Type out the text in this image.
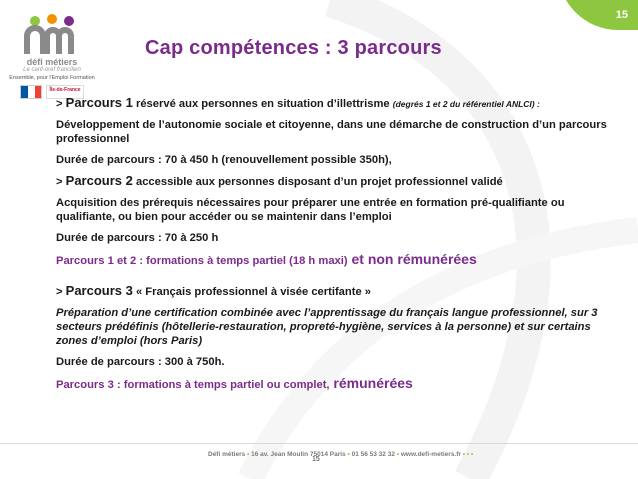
15
défi métiers
Le carif-oref francilien
Ensemble, pour l'Emploi Formation
Île-de-France
Cap compétences : 3 parcours

> Parcours 1 réservé aux personnes en situation d’illettrisme (degrés 1 et 2 du référentiel ANLCI) :

Développement de l’autonomie sociale et citoyenne, dans une démarche de construction d’un parcours professionnel

Durée de parcours : 70 à 450 h (renouvellement possible 350h),

> Parcours 2 accessible aux personnes disposant d’un projet professionnel validé

Acquisition des prérequis nécessaires pour préparer une entrée en formation pré-qualifiante ou qualifiante, ou bien pour accéder ou se maintenir dans l’emploi

Durée de parcours : 70 à 250 h

Parcours 1 et 2 : formations à temps partiel (18 h maxi) et non rémunérées

> Parcours 3 « Français professionnel à visée certifante »

Préparation d’une certification combinée avec l’apprentissage du français langue professionnel, sur 3 secteurs prédéfinis (hôtellerie-restauration, propreté-hygiène, services à la personne) et sur certains zones d’emploi (hors Paris)

Durée de parcours : 300 à 750h.

Parcours 3 : formations à temps partiel ou complet, rémunérées

Défi métiers • 16 av. Jean Moulin 75014 Paris • 01 56 53 32 32 • www.defi-metiers.fr • • •
15
